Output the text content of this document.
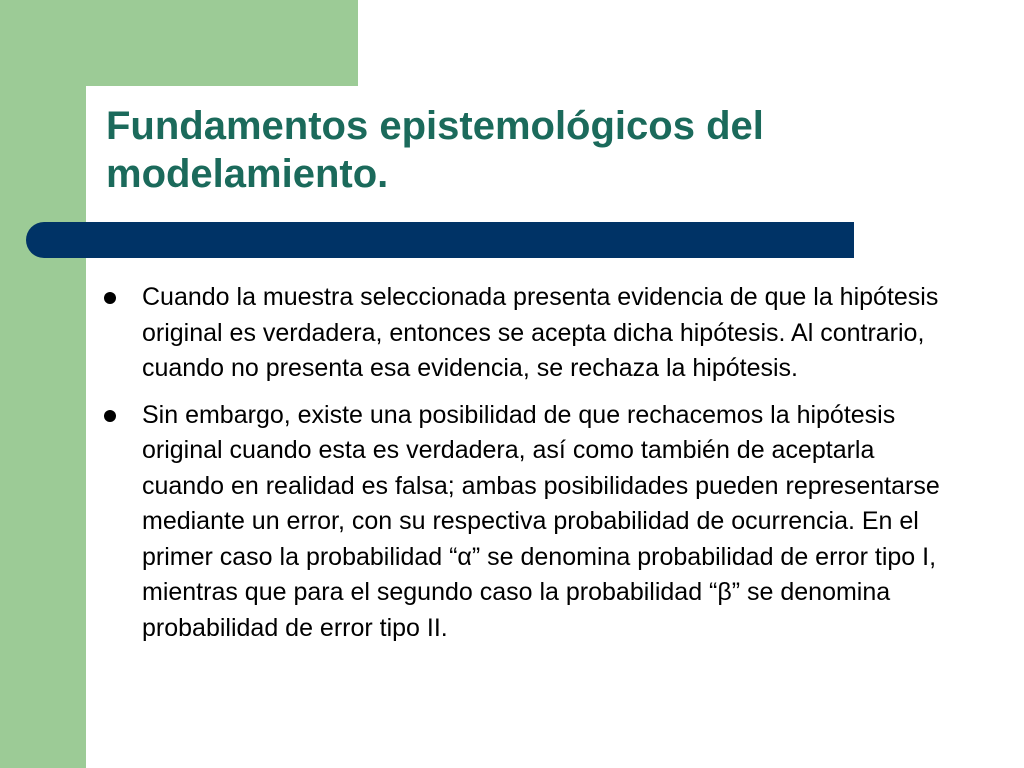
Fundamentos epistemológicos del modelamiento.
Cuando la muestra seleccionada presenta evidencia de que la hipótesis original es verdadera, entonces se acepta dicha hipótesis. Al contrario, cuando no presenta esa evidencia, se rechaza la hipótesis.
Sin embargo, existe una posibilidad de que rechacemos la hipótesis original cuando esta es verdadera, así como también de aceptarla cuando en realidad es falsa; ambas posibilidades pueden representarse mediante un error, con su respectiva probabilidad de ocurrencia. En el primer caso la probabilidad “α” se denomina probabilidad de error tipo I, mientras que para el segundo caso la probabilidad “β” se denomina probabilidad de error tipo II.
